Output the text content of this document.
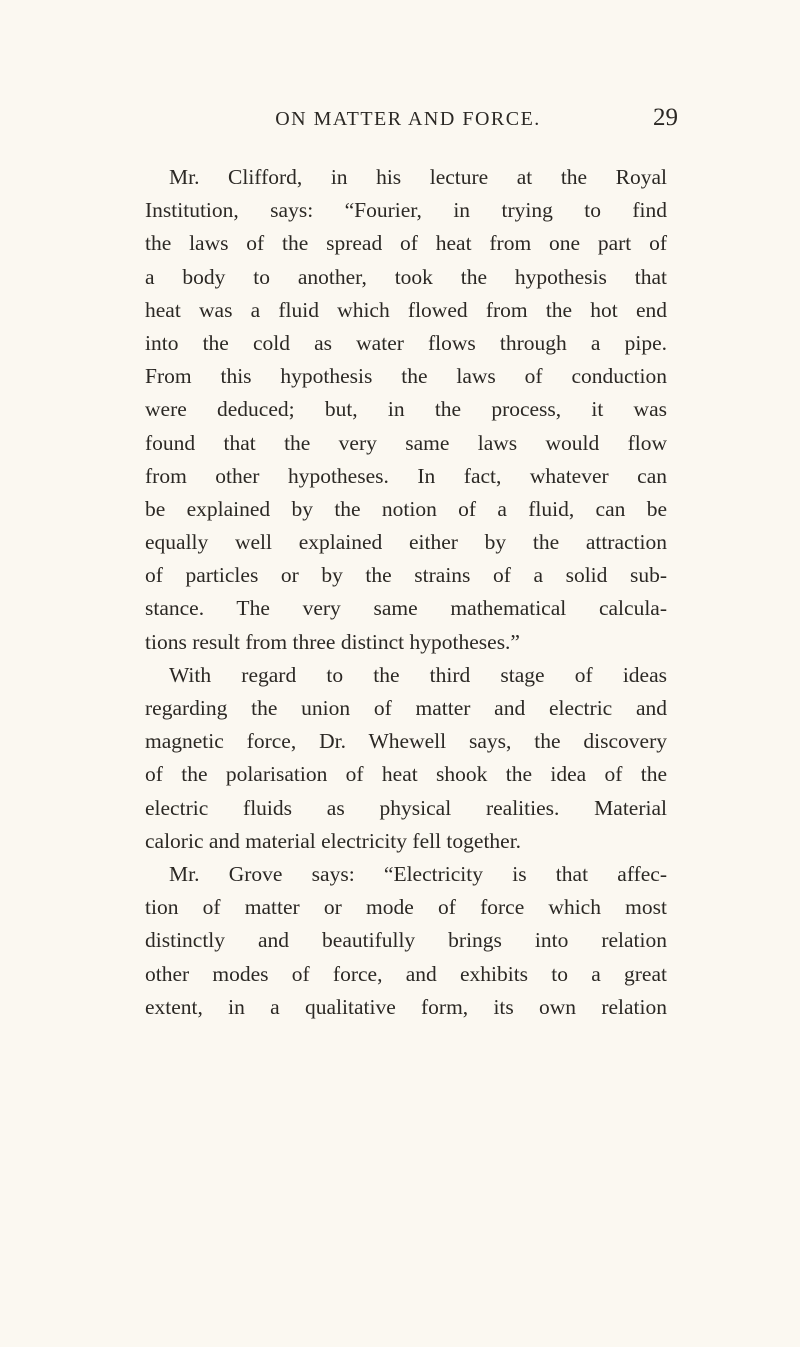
ON MATTER AND FORCE.	29
Mr. Clifford, in his lecture at the Royal
Institution, says: “Fourier, in trying to find
the laws of the spread of heat from one part of
a body to another, took the hypothesis that
heat was a fluid which flowed from the hot end
into the cold as water flows through a pipe.
From this hypothesis the laws of conduction
were deduced; but, in the process, it was
found that the very same laws would flow
from other hypotheses. In fact, whatever can
be explained by the notion of a fluid, can be
equally well explained either by the attraction
of particles or by the strains of a solid sub-
stance. The very same mathematical calcula-
tions result from three distinct hypotheses.”
With regard to the third stage of ideas
regarding the union of matter and electric and
magnetic force, Dr. Whewell says, the discovery
of the polarisation of heat shook the idea of the
electric fluids as physical realities. Material
caloric and material electricity fell together.
Mr. Grove says: “Electricity is that affec-
tion of matter or mode of force which most
distinctly and beautifully brings into relation
other modes of force, and exhibits to a great
extent, in a qualitative form, its own relation
